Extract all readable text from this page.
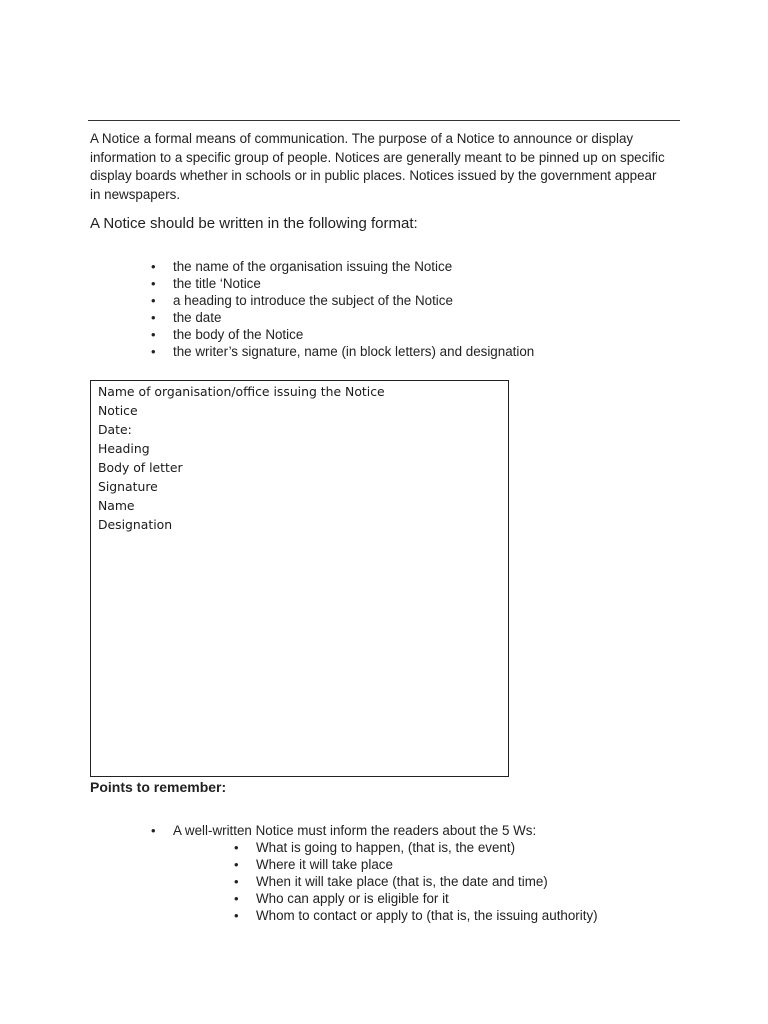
A Notice a formal means of communication. The purpose of a Notice to announce or display information to a specific group of people. Notices are generally meant to be pinned up on specific display boards whether in schools or in public places. Notices issued by the government appear in newspapers.

A Notice should be written in the following format:
• the name of the organisation issuing the Notice
• the title ‘Notice
• a heading to introduce the subject of the Notice
• the date
• the body of the Notice
• the writer’s signature, name (in block letters) and designation
Name of organisation/office issuing the Notice
Notice
Date:
Heading
Body of letter
Signature
Name
Designation
Points to remember:
• A well-written Notice must inform the readers about the 5 Ws:
• What is going to happen, (that is, the event)
• Where it will take place
• When it will take place (that is, the date and time)
• Who can apply or is eligible for it
• Whom to contact or apply to (that is, the issuing authority)
